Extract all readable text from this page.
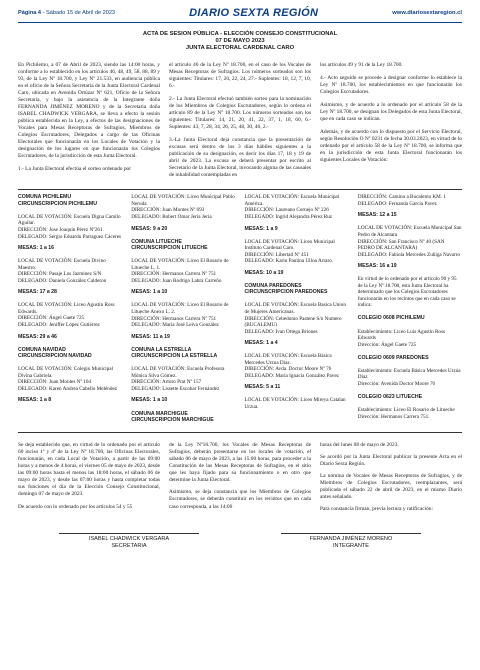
Página 4 - Sábado 15 de Abril de 2023	DIARIO SEXTA REGIÓN	www.diariosextaregion.cl
ACTA DE SESION PÚBLICA - ELECCIÓN CONSEJO CONSTITUCIONAL
07 DE MAYO 2023
JUNTA ELECTORAL CARDENAL CARO

En Pichilemu, a 07 de Abril de 2023, siendo las 14:00 horas, y conforme a lo establecido en los artículos 46, 48, 49, 58, 88, 89 y 93, de la Ley Nº 18.700, y Ley Nº 21.533, en audiencia pública en el oficio de la Señora Secretaria de la Junta Electoral Cardenal Caro, ubicada en Avenida Ortúzar Nº 621, Oficio de la Señora Secretaria, y bajo la asistencia de la Integrante doña FERNANDA JIMÉNEZ MORENO y de la Secretaria doña ISABEL CHADWICK VERGARA, se lleva a efecto la sesión pública establecida en la Ley, a efectos de las designaciones de Vocales para Mesas Receptoras de Sufragios, Miembros de Colegios Escrutadores, Delegados a cargo de las Oficinas Electorales que funcionarán en los Locales de Votación y la designación de los lugares en que funcionarán los Colegios Escrutadores, de la jurisdicción de esta Junta Electoral.

1.- La Junta Electoral efectúa el sorteo ordenado por

el artículo 46 de la Ley Nº 18.700, en el caso de los Vocales de Mesas Receptoras de Sufragios. Los números sorteados son los siguientes: Titulares: 17, 20, 22, 24, 27.- Suplentes: 18, 12, 7, 10, 6.-

2.- La Junta Electoral efectuó también sorteo para la nominación de los Miembros de Colegios Escrutadores, según lo ordena el artículo 89 de la Ley Nº 18.700. Los números sorteados son los siguientes: Titulares: 14, 21, 20, 41, 22, 37, 1, 18, 60, 6.- Suplentes: 43, 7, 28, 34, 26, 25, 48, 30, 46, 2.-

3.-La Junta Electoral deja constancia que la presentación de excusas será dentro de los 3 días hábiles siguientes a la publicación de su designación, es decir los días 17, 18 y 19 de abril de 2023. La excusa se deberá presentar por escrito al Secretario de la Junta Electoral, invocando alguna de las causales de inhabilidad contempladas en

los artículos 49 y 91 de la Ley 18.700.

4.- Acto seguido se procede a designar conforme lo establece la Ley Nº 18.700, los establecimientos en que funcionarán los Colegios Escrutadores.

Asimismo, y de acuerdo a lo ordenado por el artículo 58 de la Ley Nº 18.700, se designan los Delegados de esta Junta Electoral, que en cada caso se indican.

Además, y de acuerdo con lo dispuesto por el Servicio Electoral, según Resolución O Nº 0231 de fecha 30.03.2023, en virtud de lo ordenado por el artículo 58 de la Ley Nº 18.700, se informa que en la jurisdicción de esta Junta Electoral funcionarán los siguientes Locales de Votación:

COMUNA PICHILEMU
CIRCUNSCRIPCION PICHILEMU
LOCAL DE VOTACIÓN: Escuela Digna Camilo Aguilar.
DIRECCIÓN: Jose Joaquín Pérez Nº261
DELEGADO: Sergio Eduardo Parraguez Cáceres
MESAS: 1 a 16
LOCAL DE VOTACIÓN: Escuela Divino Maestro.
DIRECCIÓN: Pasaje Los Jazminez S/N
DELEGADO: Daniela González Calderon
MESAS: 17 a 28
LOCAL DE VOTACIÓN: Liceo Agustín Ross Edwards.
DIRECCIÓN: Ángel Gaete 725
DELEGADO: Jeniffer López Gutiérrez
MESAS: 29 a 46
COMUNA NAVIDAD
CIRCUNSCRIPCION NAVIDAD

LOCAL DE VOTACIÓN: Colegio Municipal Divina Gabriela.
DIRECCIÓN: Juan Montes Nº 104
DELEGADO: Karen Andrea Cabello Meléndez
MESAS: 1 a 8
LOCAL DE VOTACIÓN: Liceo Municipal Pablo Neruda
DIRECCIÓN: Juan Montes Nº 693
DELEGADO: Robert Omar Jeria Jeria
MESAS: 9 a 20
COMUNA LITUECHE
CIRCUNSCRIPCION LITUECHE

LOCAL DE VOTACIÓN: Liceo El Rosario de Litueche L. 1.
DIRECCIÓN: Hermanos Carrera Nº 751
DELEGADO: Juan Rodrigo Labra Carreño
MESAS: 1 a 10
LOCAL DE VOTACIÓN: Liceo El Rosario de Litueche Anexo L. 2.
DIRECCIÓN: Hermanos Carrera Nº 751
DELEGADO: María José Leiva González
MESAS: 11 a 19
COMUNA LA ESTRELLA
CIRCUNSCRIPCION LA ESTRELLA

LOCAL DE VOTACIÓN: Escuela Profesora Mónica Silva Gómez.
DIRECCIÓN: Arturo Prat Nº 157
DELEGADO: Lissette Escobar Fernández
MESAS: 1 a 10
COMUNA MARCHIGUE
CIRCUNSCRIPCION MARCHIGUE
LOCAL DE VOTACIÓN: Escuela Municipal América.
DIRECCIÓN: Laureano Cornejo Nº 226
DELEGADO: Ingrid Alejandra Pérez Ruz
MESAS: 1 a 9
LOCAL DE VOTACIÓN: Liceo Municipal Instituto Cardenal Caro.
DIRECCIÓN: Libertad Nº 451
DELEGADO: Karin Paulina Ulloa Arraro.
MESAS: 10 a 19
COMUNA PAREDONES
CIRCUNSCRIPCION PAREDONES

LOCAL DE VOTACIÓN: Escuela Basica Union de Mujeres Americanas.
DIRECCIÓN: Cebedonio Pastene S/n Numero (BUCALEMU)
DELEGADO: Ivan Ortega Briones
MESAS: 1 a 4
LOCAL DE VOTACIÓN: Escuela Básica Mercedes Urzua Diaz.
DIRECCIÓN: Avda. Doctor Moore Nº 76
DELEGADO: María Ignacia González Pavez
MESAS: 5 a 11
LOCAL DE VOTACIÓN: Liceo Mireya Catalan Urzua.
DIRECCIÓN: Camino a Bucalemu KM. 1
DELEGADO: Fernanda García Pavez
MESAS: 12 a 15
LOCAL DE VOTACIÓN: Escuela Municipal San Pedro de Alcantara
DIRECCIÓN: San Francisco Nº 40 (SAN PEDRO DE ALCANTARA)
DELEGADO: Fabiola Mercedes Zuñiga Navarro
MESAS: 16 a 19
En virtud de lo ordenado por el artículo 90 y 95 de la Ley Nº 18.700, esta Junta Electoral ha determinado que los Colegios Escrutadores funcionarán en los recintos que en cada caso se indica:
COLEGIO 0608 PICHILEMU

Establecimiento: Liceo Luis Agustín Ross Edwards
Dirección: Ángel Gaete 725
COLEGIO 0609 PAREDONES

Establecimiento: Escuela Básica Mercedes Urzúa Díaz
Dirección: Avenida Doctor Moore 76
COLEGIO 0623 LITUECHE

Establecimiento: Liceo El Rosario de Litueche
Dirección: Hermanos Carrera 751.

Se deja establecido que, en virtud de lo ordenado por el artículo 60 inciso 1º y 4º de la Ley Nº 18.700, las Oficinas Electorales, funcionarán, en cada Local de Votación, a partir de las 09:00 horas y a menos de 4 horas, el viernes 05 de mayo de 2023, desde las 09:00 horas hasta el menos las 18:00 horas, el sábado 06 de mayo de 2023, y desde las 07:00 horas y hasta completar todas sus funciones el día de la Elección Consejo Constitucional, domingo 07 de mayo de 2023.

De acuerdo con lo ordenado por los artículos 54 y 55

de la Ley Nº18.700, los Vocales de Mesas Receptoras de Sufragios, deberán presentarse en los locales de votación, el sábado 06 de mayo de 2023, a las 15:00 horas, para proceder a la Constitución de las Mesas Receptoras de Sufragios, en el sitio que les haya fijado para su funcionamiento o en otro que determine la Junta Electoral.

Asimismo, se deja constancia que los Miembros de Colegios Escrutadores, se deberán constituir en los recintos que en cada caso corresponda, a las 14:00

horas del lunes 08 de mayo de 2023.

Se acordó por la Junta Electoral publicar la presente Acta en el Diario Sexta Región.

La nómina de Vocales de Mesas Receptoras de Sufragios, y de Miembros de Colegios Escrutadores, reemplazantes, será publicada el sábado 22 de abril de 2023, en el mismo Diario antes señalado.

Para constancia firman, previa lectura y ratificación:

ISABEL CHADWICK VERGARA
SECRETARIA
FERNANDA JIMÉNEZ MORENO
INTEGRANTE
